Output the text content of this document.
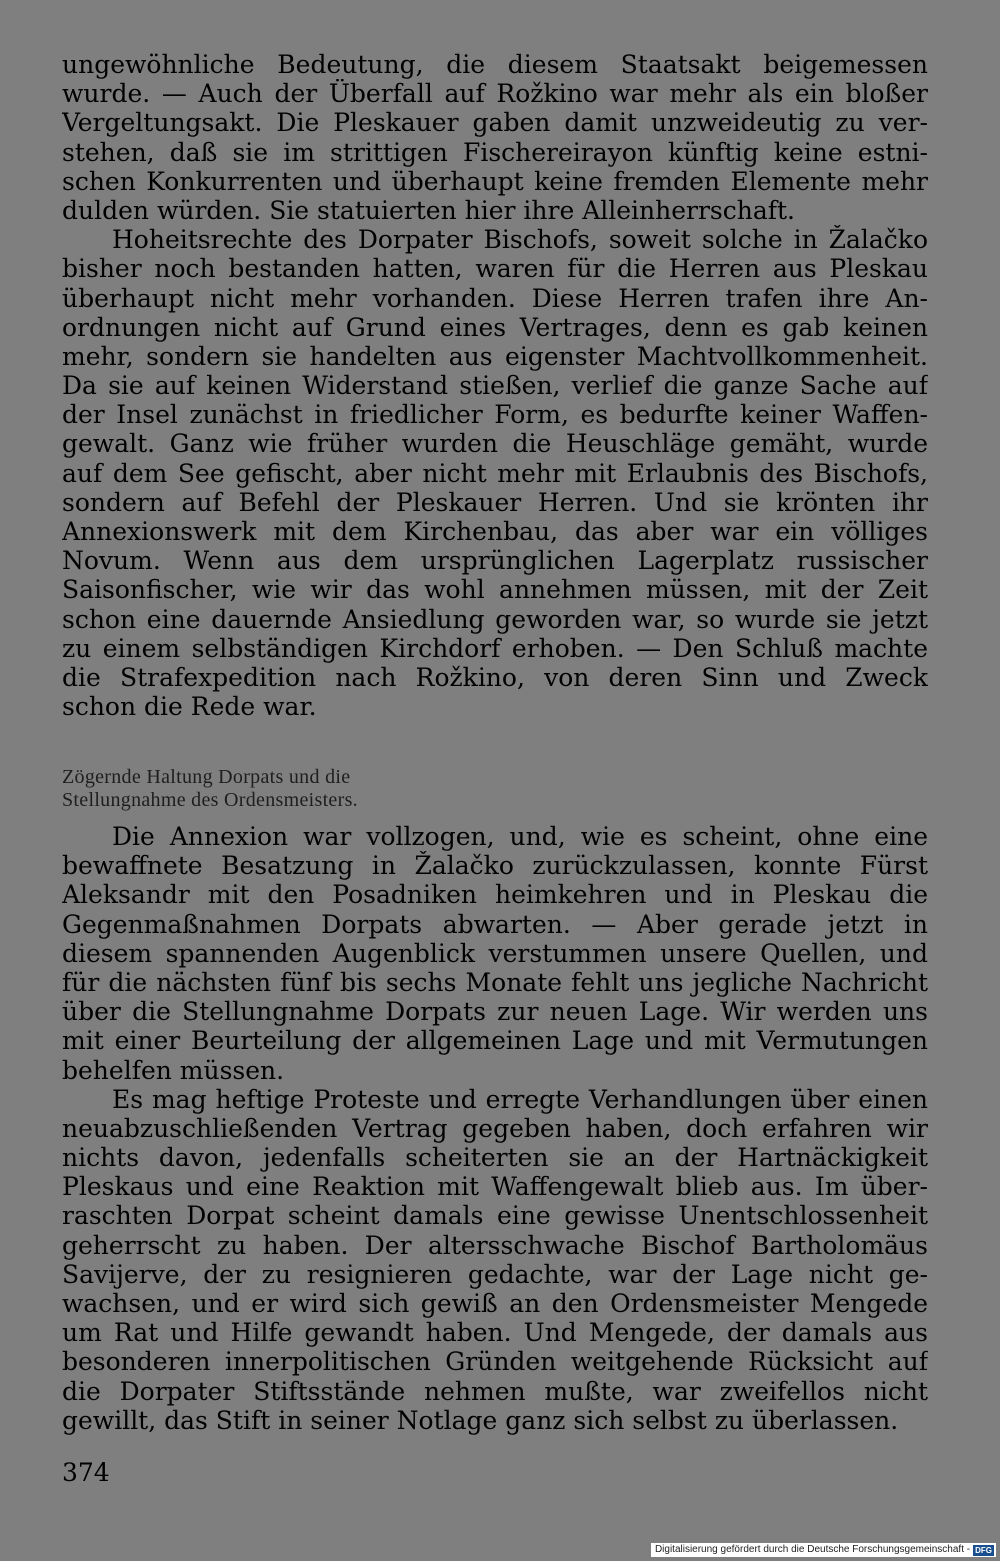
ungewöhnliche Bedeutung, die diesem Staatsakt beigemessen
wurde. — Auch der Überfall auf Rožkino war mehr als ein bloßer
Vergeltungsakt. Die Pleskauer gaben damit unzweideutig zu ver-
stehen, daß sie im strittigen Fischereirayon künftig keine estni-
schen Konkurrenten und überhaupt keine fremden Elemente mehr
dulden würden. Sie statuierten hier ihre Alleinherrschaft.
Hoheitsrechte des Dorpater Bischofs, soweit solche in Žalačko
bisher noch bestanden hatten, waren für die Herren aus Pleskau
überhaupt nicht mehr vorhanden. Diese Herren trafen ihre An-
ordnungen nicht auf Grund eines Vertrages, denn es gab keinen
mehr, sondern sie handelten aus eigenster Machtvollkommenheit.
Da sie auf keinen Widerstand stießen, verlief die ganze Sache auf
der Insel zunächst in friedlicher Form, es bedurfte keiner Waffen-
gewalt. Ganz wie früher wurden die Heuschläge gemäht, wurde
auf dem See gefischt, aber nicht mehr mit Erlaubnis des Bischofs,
sondern auf Befehl der Pleskauer Herren. Und sie krönten ihr
Annexionswerk mit dem Kirchenbau, das aber war ein völliges
Novum. Wenn aus dem ursprünglichen Lagerplatz russischer
Saisonfischer, wie wir das wohl annehmen müssen, mit der Zeit
schon eine dauernde Ansiedlung geworden war, so wurde sie jetzt
zu einem selbständigen Kirchdorf erhoben. — Den Schluß machte
die Strafexpedition nach Rožkino, von deren Sinn und Zweck
schon die Rede war.
Zögernde Haltung Dorpats und die
Stellungnahme des Ordensmeisters.
Die Annexion war vollzogen, und, wie es scheint, ohne eine
bewaffnete Besatzung in Žalačko zurückzulassen, konnte Fürst
Aleksandr mit den Posadniken heimkehren und in Pleskau die
Gegenmaßnahmen Dorpats abwarten. — Aber gerade jetzt in
diesem spannenden Augenblick verstummen unsere Quellen, und
für die nächsten fünf bis sechs Monate fehlt uns jegliche Nachricht
über die Stellungnahme Dorpats zur neuen Lage. Wir werden uns
mit einer Beurteilung der allgemeinen Lage und mit Vermutungen
behelfen müssen.
Es mag heftige Proteste und erregte Verhandlungen über einen
neuabzuschließenden Vertrag gegeben haben, doch erfahren wir
nichts davon, jedenfalls scheiterten sie an der Hartnäckigkeit
Pleskaus und eine Reaktion mit Waffengewalt blieb aus. Im über-
raschten Dorpat scheint damals eine gewisse Unentschlossenheit
geherrscht zu haben. Der altersschwache Bischof Bartholomäus
Savijerve, der zu resignieren gedachte, war der Lage nicht ge-
wachsen, und er wird sich gewiß an den Ordensmeister Mengede
um Rat und Hilfe gewandt haben. Und Mengede, der damals aus
besonderen innerpolitischen Gründen weitgehende Rücksicht auf
die Dorpater Stiftsstände nehmen mußte, war zweifellos nicht
gewillt, das Stift in seiner Notlage ganz sich selbst zu überlassen.
374
Digitalisierung gefördert durch die Deutsche Forschungsgemeinschaft - DFG
